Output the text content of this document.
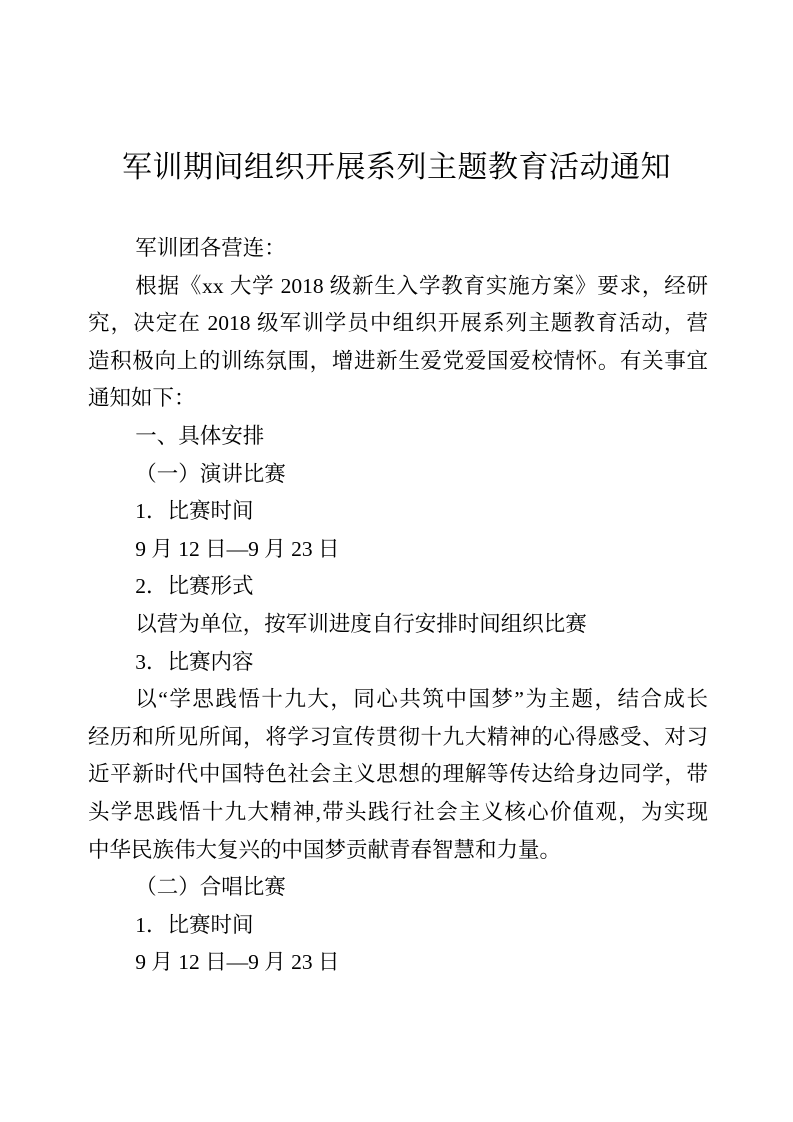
军训期间组织开展系列主题教育活动通知
军训团各营连：
根据《xx 大学 2018 级新生入学教育实施方案》要求，经研
究，决定在 2018 级军训学员中组织开展系列主题教育活动，营
造积极向上的训练氛围，增进新生爱党爱国爱校情怀。有关事宜
通知如下：
一、具体安排
（一）演讲比赛
1．比赛时间
9 月 12 日—9 月 23 日
2．比赛形式
以营为单位，按军训进度自行安排时间组织比赛
3．比赛内容
以“学思践悟十九大，同心共筑中国梦”为主题，结合成长
经历和所见所闻，将学习宣传贯彻十九大精神的心得感受、对习
近平新时代中国特色社会主义思想的理解等传达给身边同学，带
头学思践悟十九大精神,带头践行社会主义核心价值观，为实现
中华民族伟大复兴的中国梦贡献青春智慧和力量。
（二）合唱比赛
1．比赛时间
9 月 12 日—9 月 23 日
